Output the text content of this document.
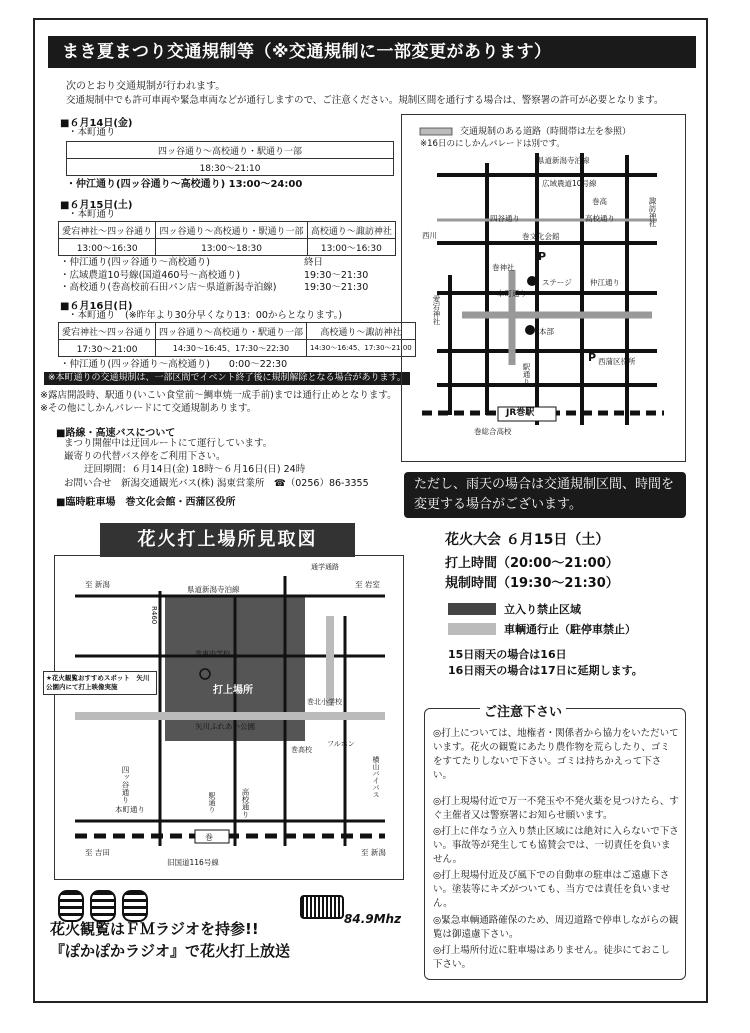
まき夏まつり交通規制等（※交通規制に一部変更があります）
次のとおり交通規制が行われます。
交通規制中でも許可車両や緊急車両などが通行しますので、ご注意ください。規制区間を通行する場合は、警察署の許可が必要となります。
■６月14日(金)
・本町通り
四ッ谷通り～高校通り・駅通り一部
18:30～21:10
・仲江通り(四ッ谷通り～高校通り) 13:00～24:00
■６月15日(土)
・本町通り
愛宕神社～四ッ谷通り	四ッ谷通り～高校通り・駅通り一部	高校通り～諏訪神社
13:00～16:30	13:00～18:30	13:00～16:30
・仲江通り(四ッ谷通り～高校通り)	終日
・広域農道10号線(国道460号～高校通り)	19:30～21:30
・高校通り(巻高校前石田パン店～県道新潟寺泊線)	19:30～21:30
■６月16日(日)
・本町通り　(※昨年より30分早くなり13：00からとなります。)
愛宕神社～四ッ谷通り	四ッ谷通り～高校通り・駅通り一部	高校通り～諏訪神社
17:30～21:00	14:30～16:45、17:30～22:30	14:30～16:45、17:30～21:00
・仲江通り(四ッ谷通り～高校通り)　　0:00～22:30
※本町通りの交通規制は、一部区間でイベント終了後に規制解除となる場合があります。
※露店開設時、駅通り(いこい食堂前～鯛車焼一成手前)までは通行止めとなります。
※その他にしかんパレードにて交通規制あります。
■路線・高速バスについて
まつり開催中は迂回ルートにて運行しています。
巌寄りの代替バス停をご利用下さい。
迂回期間：６月14日(金) 18時～６月16日(日) 24時
お問い合せ　新潟交通観光バス(株) 潟東営業所　☎（0256）86-3355
■臨時駐車場　巻文化会館・西蒲区役所
交通規制のある道路（時間帯は左を参照）
※16日のにしかんパレードは別です。
県道新潟寺泊線
広域農道10号線
巻高
四谷通り	高校通り	諏訪神社
西川	巻文化会館
巻神社
ステージ 仲江通り
本町通り
本部
西蒲区役所
駅通り
JR巻駅
愛宕神社
巻総合高校
P
P
ただし、雨天の場合は交通規制区間、時間を変更する場合がございます。
至 新潟	至 岩室
県道新潟寺泊線
巻東中学校
巻北小学校
打上場所
矢川ふれあい公園
巻高校
フルホン
本町通り	高校通り
四ッ谷通り
巻
旧国道116号線
至 吉田	至 新潟
R460
横山バイパス
駅通り
通学通路
★花火観覧おすすめスポット　矢川公園内にて打上映像実施
花火打上場所見取図	花火大会 ６月15日（土）
打上時間（20:00～21:00）
規制時間（19:30～21:30）
立入り禁止区域
車輌通行止（駐停車禁止）
15日雨天の場合は16日
16日雨天の場合は17日に延期します。
ご注意下さい
◎打上については、地権者・関係者から協力をいただいています。花火の観覧にあたり農作物を荒らしたり、ゴミをすてたりしないで下さい。ゴミは持ちかえって下さい。
◎打上現場付近で万一不発玉や不発火薬を見つけたら、すぐ主催者又は警察署にお知らせ願います。
◎打上に伴なう立入り禁止区域には絶対に入らないで下さい。事故等が発生しても協賛会では、一切責任を負いません。
◎打上現場付近及び風下での自動車の駐車はご遠慮下さい。塗装等にキズがついても、当方では責任を負いません。
◎緊急車輌通路確保のため、周辺道路で停車しながらの観覧は御遠慮下さい。
◎打上場所付近に駐車場はありません。徒歩にておこし下さい。
84.9Mhz
花火観覧はＦＭラジオを持参!!
『ぽかぽかラジオ』で花火打上放送
